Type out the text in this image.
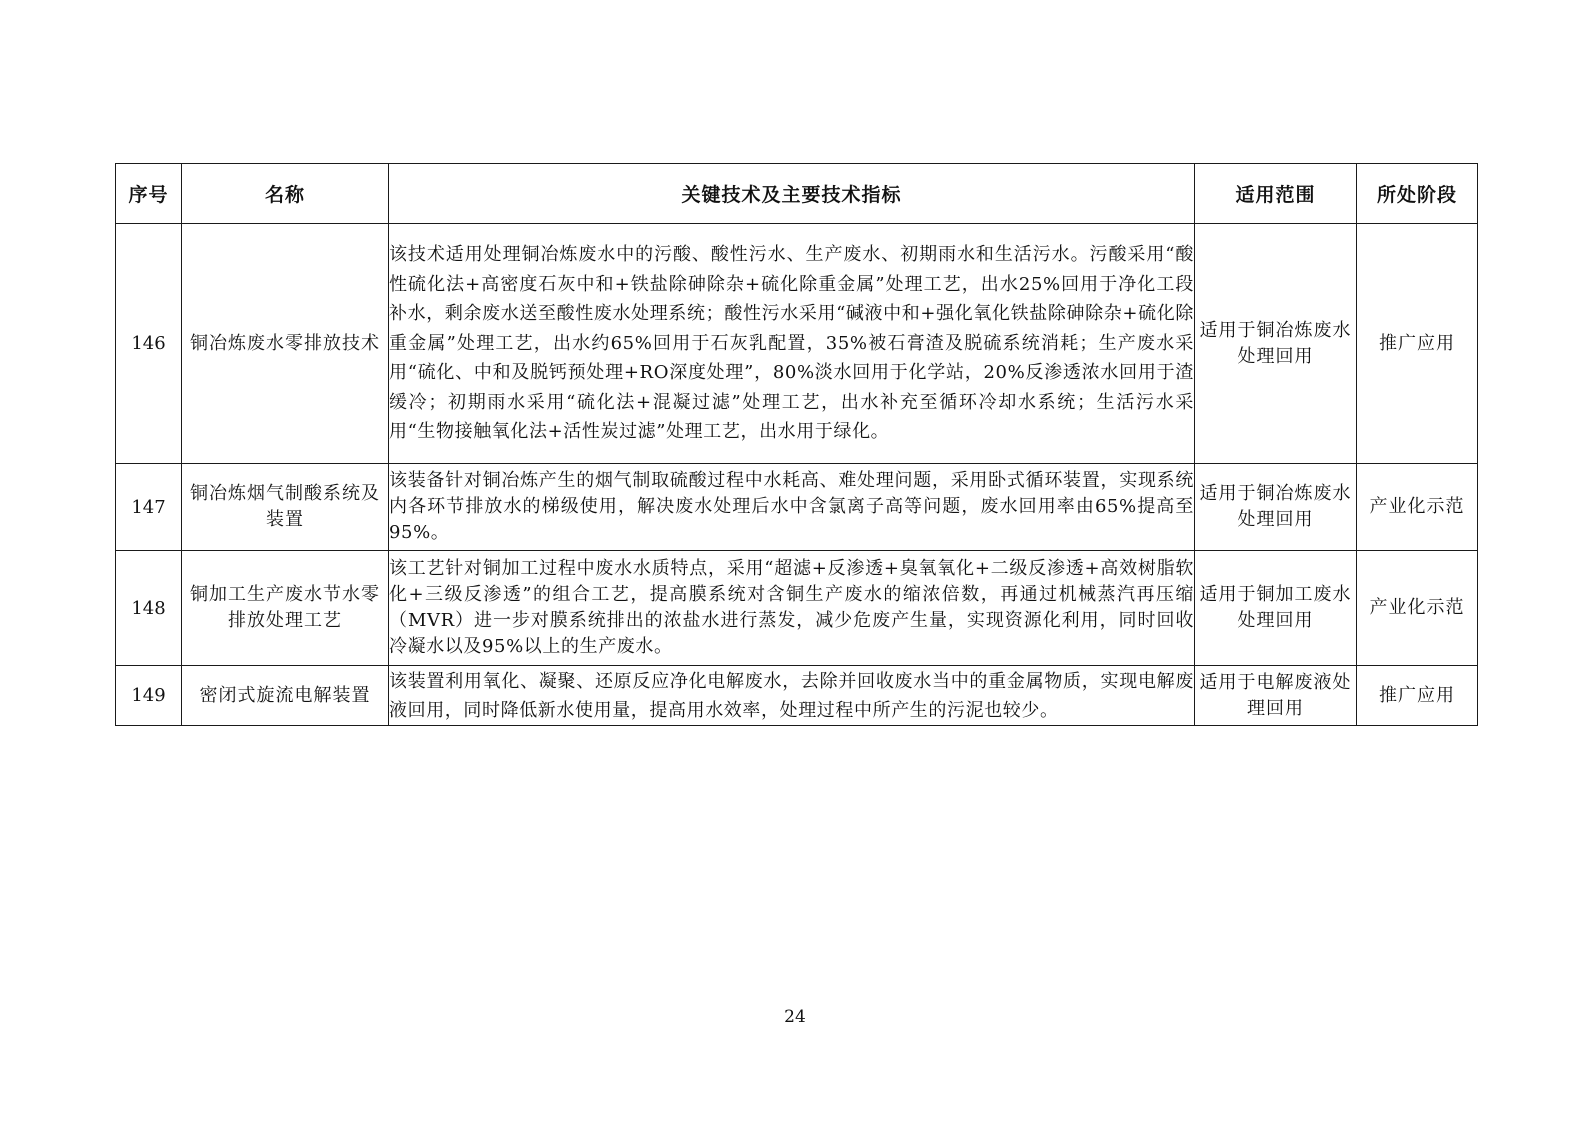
序号	名称	关键技术及主要技术指标	适用范围	所处阶段
146	铜冶炼废水零排放技术	该技术适用处理铜冶炼废水中的污酸、酸性污水、生产废水、初期雨水和生活污水。污酸采用“酸性硫化法+高密度石灰中和+铁盐除砷除杂+硫化除重金属”处理工艺，出水25%回用于净化工段补水，剩余废水送至酸性废水处理系统；酸性污水采用“碱液中和+强化氧化铁盐除砷除杂+硫化除重金属”处理工艺，出水约65%回用于石灰乳配置，35%被石膏渣及脱硫系统消耗；生产废水采用“硫化、中和及脱钙预处理+RO深度处理”，80%淡水回用于化学站，20%反渗透浓水回用于渣缓冷；初期雨水采用“硫化法+混凝过滤”处理工艺，出水补充至循环冷却水系统；生活污水采用“生物接触氧化法+活性炭过滤”处理工艺，出水用于绿化。	适用于铜冶炼废水处理回用	推广应用
147	铜冶炼烟气制酸系统及装置	该装备针对铜冶炼产生的烟气制取硫酸过程中水耗高、难处理问题，采用卧式循环装置，实现系统内各环节排放水的梯级使用，解决废水处理后水中含氯离子高等问题，废水回用率由65%提高至95%。	适用于铜冶炼废水处理回用	产业化示范
148	铜加工生产废水节水零排放处理工艺	该工艺针对铜加工过程中废水水质特点，采用“超滤+反渗透+臭氧氧化+二级反渗透+高效树脂软化+三级反渗透”的组合工艺，提高膜系统对含铜生产废水的缩浓倍数，再通过机械蒸汽再压缩（MVR）进一步对膜系统排出的浓盐水进行蒸发，减少危废产生量，实现资源化利用，同时回收冷凝水以及95%以上的生产废水。	适用于铜加工废水处理回用	产业化示范
149	密闭式旋流电解装置	该装置利用氧化、凝聚、还原反应净化电解废水，去除并回收废水当中的重金属物质，实现电解废液回用，同时降低新水使用量，提高用水效率，处理过程中所产生的污泥也较少。	适用于电解废液处理回用	推广应用
24
